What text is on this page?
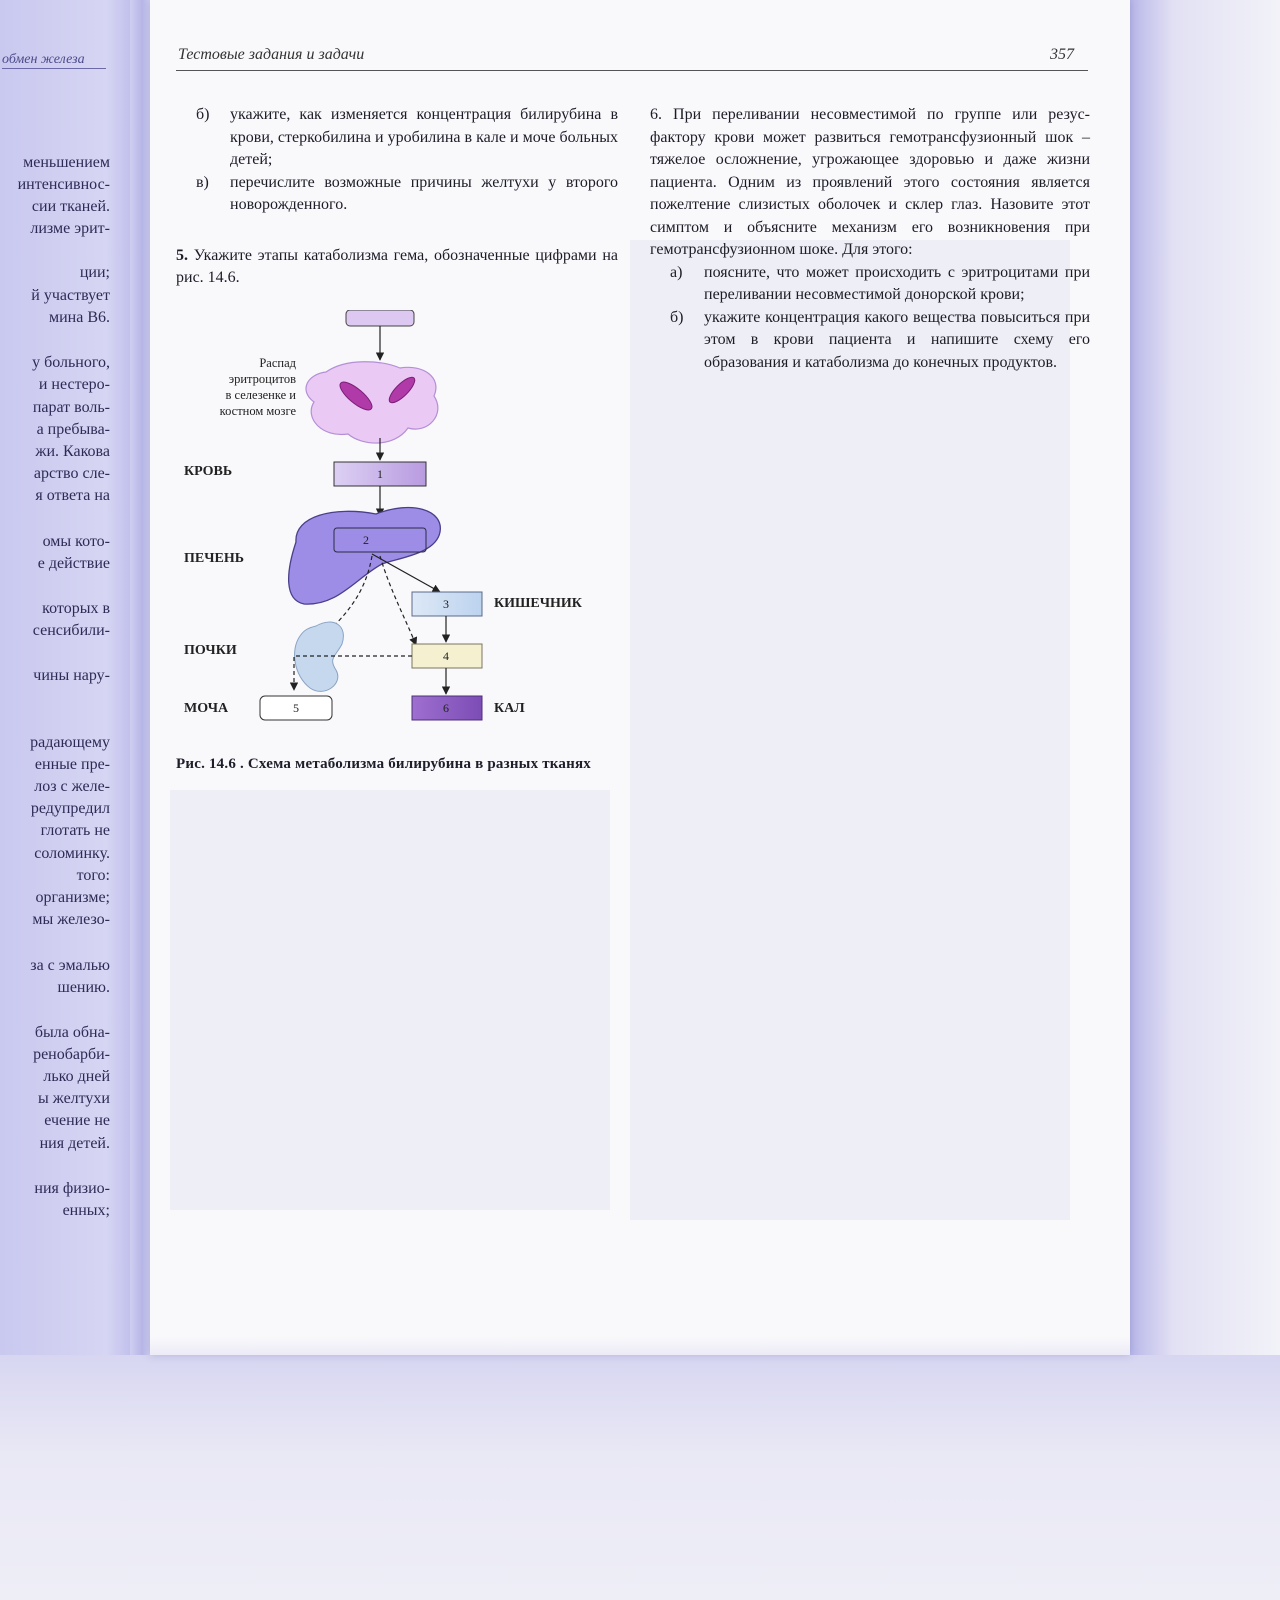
обмен железа
меньшением
интенсивнос-
сии тканей.
лизме эрит-
ции;
й участвует
мина B6.
у больного,
и нестеро-
парат воль-
а пребыва-
жи. Какова
арство сле-
я ответа на
омы кото-
е действие
которых в
сенсибили-
чины нару-
радающему
енные пре-
лоз с желе-
редупредил
глотать не
соломинку.
того:
организме;
мы железо-
за с эмалью
шению.
была обна-
ренобарби-
лько дней
ы желтухи
ечение не
ния детей.
ния физио-
енных;
Тестовые задания и задачи	357
б)	укажите, как изменяется концентрация билирубина в крови, стеркобилина и уробилина в кале и моче больных детей;
в)	перечислите возможные причины желтухи у второго новорожденного.
5. Укажите этапы катаболизма гема, обозначенные цифрами на рис. 14.6.
Распад
эритроцитов
в селезенке и
костном мозге
КРОВЬ	1
ПЕЧЕНЬ
2
3	КИШЕЧНИК
ПОЧКИ	4
МОЧА	5	6	КАЛ
Рис. 14.6 . Схема метаболизма билирубина в разных тканях
6. При переливании несовместимой по группе или резус-фактору крови может развиться гемотрансфузионный шок – тяжелое осложнение, угрожающее здоровью и даже жизни пациента. Одним из проявлений этого состояния является пожелтение слизистых оболочек и склер глаз. Назовите этот симптом и объясните механизм его возникновения при гемотрансфузионном шоке. Для этого:
а)	поясните, что может происходить с эритроцитами при переливании несовместимой донорской крови;
б)	укажите концентрация какого вещества повыситься при этом в крови пациента и напишите схему его образования и катаболизма до конечных продуктов.
